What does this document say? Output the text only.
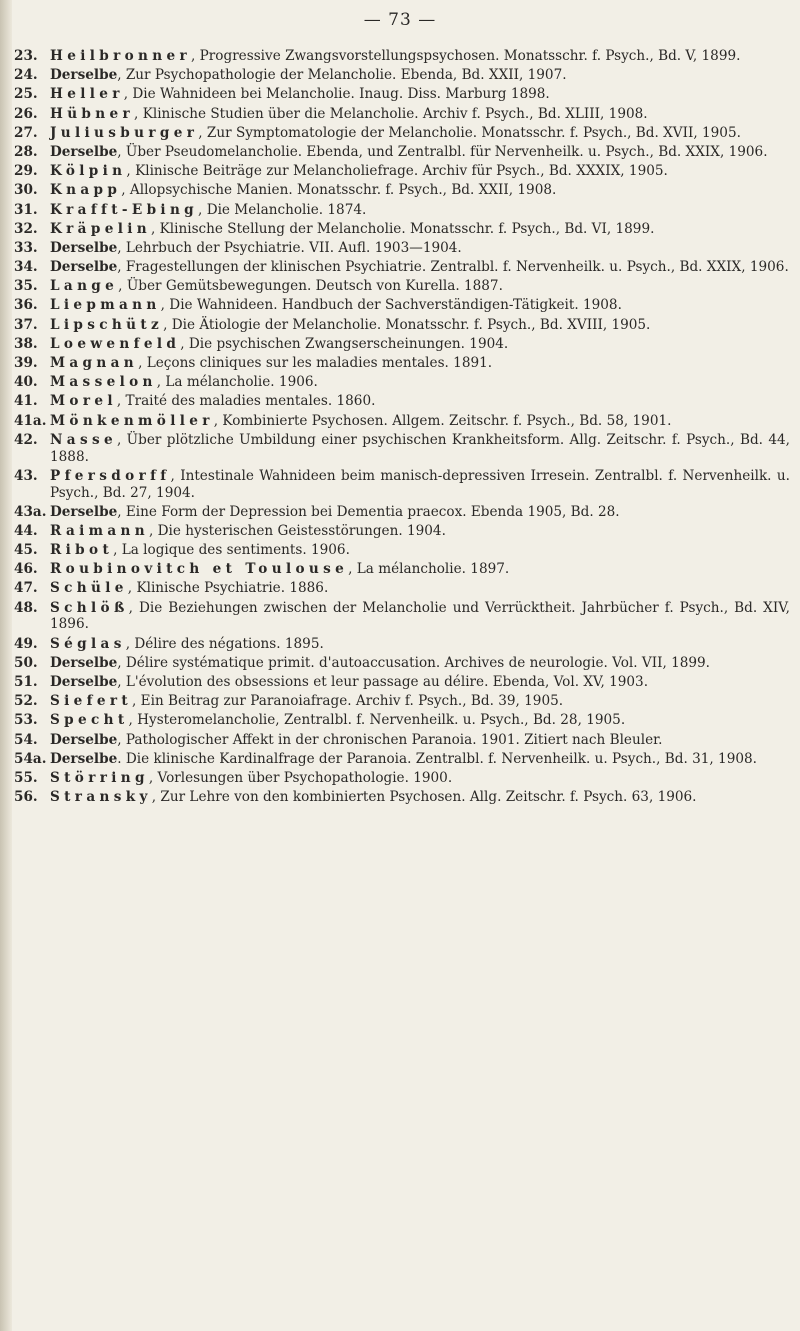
— 73 —
23. Heilbronner, Progressive Zwangsvorstellungspsychosen. Monatsschr. f. Psych., Bd. V, 1899.
24. Derselbe, Zur Psychopathologie der Melancholie. Ebenda, Bd. XXII, 1907.
25. Heller, Die Wahnideen bei Melancholie. Inaug. Diss. Marburg 1898.
26. Hübner, Klinische Studien über die Melancholie. Archiv f. Psych., Bd. XLIII, 1908.
27. Juliusburger, Zur Symptomatologie der Melancholie. Monatsschr. f. Psych., Bd. XVII, 1905.
28. Derselbe, Über Pseudomelancholie. Ebenda, und Zentralbl. für Nervenheilk. u. Psych., Bd. XXIX, 1906.
29. Kölpin, Klinische Beiträge zur Melancholiefrage. Archiv für Psych., Bd. XXXIX, 1905.
30. Knapp, Allopsychische Manien. Monatsschr. f. Psych., Bd. XXII, 1908.
31. Krafft-Ebing, Die Melancholie. 1874.
32. Kräpelin, Klinische Stellung der Melancholie. Monatsschr. f. Psych., Bd. VI, 1899.
33. Derselbe, Lehrbuch der Psychiatrie. VII. Aufl. 1903—1904.
34. Derselbe, Fragestellungen der klinischen Psychiatrie. Zentralbl. f. Nervenheilk. u. Psych., Bd. XXIX, 1906.
35. Lange, Über Gemütsbewegungen. Deutsch von Kurella. 1887.
36. Liepmann, Die Wahnideen. Handbuch der Sachverständigen-Tätigkeit. 1908.
37. Lipschütz, Die Ätiologie der Melancholie. Monatsschr. f. Psych., Bd. XVIII, 1905.
38. Loewenfeld, Die psychischen Zwangserscheinungen. 1904.
39. Magnan, Leçons cliniques sur les maladies mentales. 1891.
40. Masselon, La mélancholie. 1906.
41. Morel, Traité des maladies mentales. 1860.
41a. Mönkenmöller, Kombinierte Psychosen. Allgem. Zeitschr. f. Psych., Bd. 58, 1901.
42. Nasse, Über plötzliche Umbildung einer psychischen Krankheitsform. Allg. Zeitschr. f. Psych., Bd. 44, 1888.
43. Pfersdorff, Intestinale Wahnideen beim manisch-depressiven Irresein. Zentralbl. f. Nervenheilk. u. Psych., Bd. 27, 1904.
43a. Derselbe, Eine Form der Depression bei Dementia praecox. Ebenda 1905, Bd. 28.
44. Raimann, Die hysterischen Geistesstörungen. 1904.
45. Ribot, La logique des sentiments. 1906.
46. Roubinovitch et Toulouse, La mélancholie. 1897.
47. Schüle, Klinische Psychiatrie. 1886.
48. Schlöß, Die Beziehungen zwischen der Melancholie und Verrücktheit. Jahrbücher f. Psych., Bd. XIV, 1896.
49. Séglas, Délire des négations. 1895.
50. Derselbe, Délire systématique primit. d'autoaccusation. Archives de neurologie. Vol. VII, 1899.
51. Derselbe, L'évolution des obsessions et leur passage au délire. Ebenda, Vol. XV, 1903.
52. Siefert, Ein Beitrag zur Paranoiafrage. Archiv f. Psych., Bd. 39, 1905.
53. Specht, Hysteromelancholie, Zentralbl. f. Nervenheilk. u. Psych., Bd. 28, 1905.
54. Derselbe, Pathologischer Affekt in der chronischen Paranoia. 1901. Zitiert nach Bleuler.
54a. Derselbe. Die klinische Kardinalfrage der Paranoia. Zentralbl. f. Nervenheilk. u. Psych., Bd. 31, 1908.
55. Störring, Vorlesungen über Psychopathologie. 1900.
56. Stransky, Zur Lehre von den kombinierten Psychosen. Allg. Zeitschr. f. Psych. 63, 1906.
